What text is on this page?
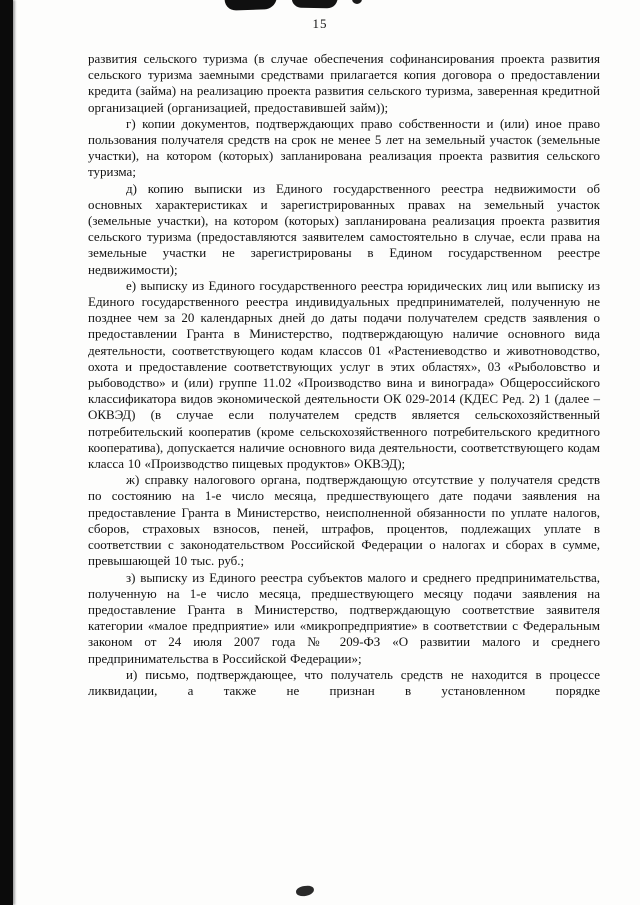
15

развития сельского туризма (в случае обеспечения софинансирования проекта развития сельского туризма заемными средствами прилагается копия договора о предоставлении кредита (займа) на реализацию проекта развития сельского туризма, заверенная кредитной организацией (организацией, предоставившей займ));

г) копии документов, подтверждающих право собственности и (или) иное право пользования получателя средств на срок не менее 5 лет на земельный участок (земельные участки), на котором (которых) запланирована реализация проекта развития сельского туризма;

д) копию выписки из Единого государственного реестра недвижимости об основных характеристиках и зарегистрированных правах на земельный участок (земельные участки), на котором (которых) запланирована реализация проекта развития сельского туризма (предоставляются заявителем самостоятельно в случае, если права на земельные участки не зарегистрированы в Едином государственном реестре недвижимости);

е) выписку из Единого государственного реестра юридических лиц или выписку из Единого государственного реестра индивидуальных предпринимателей, полученную не позднее чем за 20 календарных дней до даты подачи получателем средств заявления о предоставлении Гранта в Министерство, подтверждающую наличие основного вида деятельности, соответствующего кодам классов 01 «Растениеводство и животноводство, охота и предоставление соответствующих услуг в этих областях», 03 «Рыболовство и рыбоводство» и (или) группе 11.02 «Производство вина и винограда» Общероссийского классификатора видов экономической деятельности ОК 029-2014 (КДЕС Ред. 2) 1 (далее – ОКВЭД) (в случае если получателем средств является сельскохозяйственный потребительский кооператив (кроме сельскохозяйственного потребительского кредитного кооператива), допускается наличие основного вида деятельности, соответствующего кодам класса 10 «Производство пищевых продуктов» ОКВЭД);

ж) справку налогового органа, подтверждающую отсутствие у получателя средств по состоянию на 1-е число месяца, предшествующего дате подачи заявления на предоставление Гранта в Министерство, неисполненной обязанности по уплате налогов, сборов, страховых взносов, пеней, штрафов, процентов, подлежащих уплате в соответствии с законодательством Российской Федерации о налогах и сборах в сумме, превышающей 10 тыс. руб.;

з) выписку из Единого реестра субъектов малого и среднего предпринимательства, полученную на 1-е число месяца, предшествующего месяцу подачи заявления на предоставление Гранта в Министерство, подтверждающую соответствие заявителя категории «малое предприятие» или «микропредприятие» в соответствии с Федеральным законом от 24 июля 2007 года № 209-ФЗ «О развитии малого и среднего предпринимательства в Российской Федерации»;

и) письмо, подтверждающее, что получатель средств не находится в процессе ликвидации, а также не признан в установленном порядке
